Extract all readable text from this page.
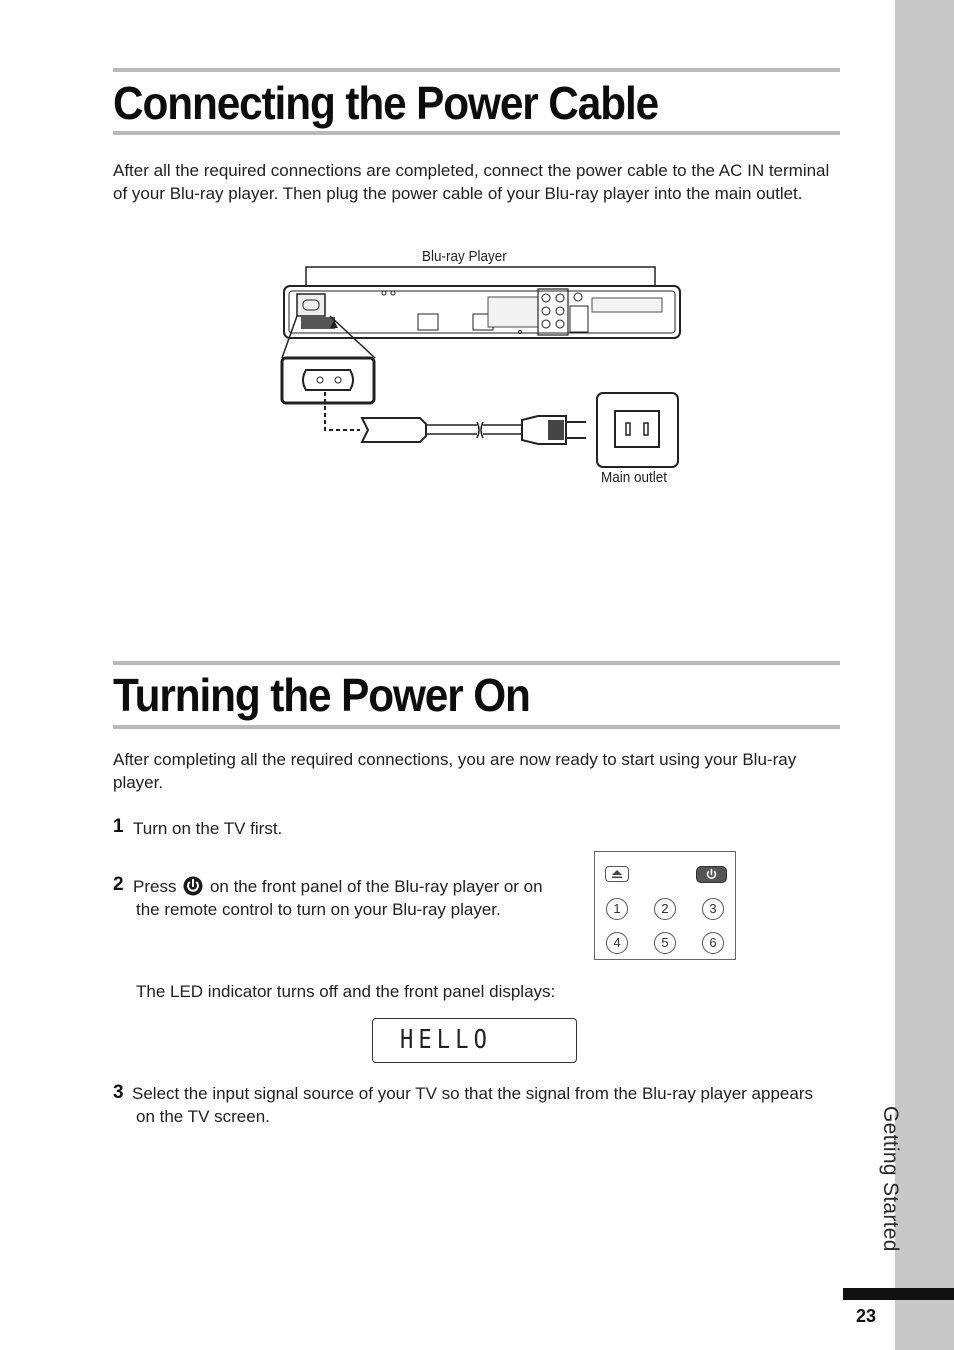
Getting Started
23
Connecting the Power Cable

After all the required connections are completed, connect the power cable to the AC IN terminal of your Blu-ray player. Then plug the power cable of your Blu-ray player into the main outlet.

Blu-ray Player
Main outlet
Turning the Power On

After completing all the required connections, you are now ready to start using your Blu-ray player.

1 Turn on the TV first.

2 Press on the front panel of the Blu-ray player or on

the remote control to turn on your Blu-ray player.

The LED indicator turns off and the front panel displays:

1	2	3
4	5	6
HELLO
3 Select the input signal source of your TV so that the signal from the Blu-ray player appears

on the TV screen.
